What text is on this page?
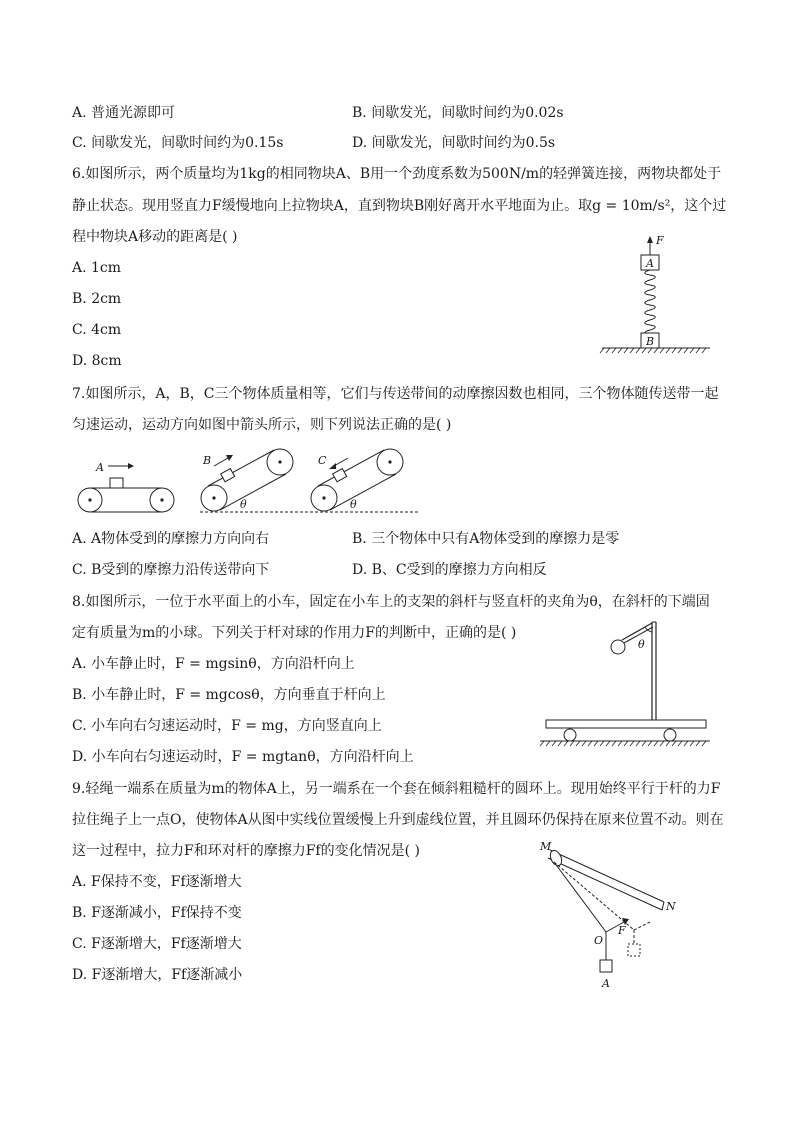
A. 普通光源即可	B. 间歇发光，间歇时间约为0.02s
C. 间歇发光，间歇时间约为0.15s	D. 间歇发光，间歇时间约为0.5s
6.如图所示，两个质量均为1kg的相同物块A、B用一个劲度系数为500N/m的轻弹簧连接，两物块都处于
静止状态。现用竖直力F缓慢地向上拉物块A，直到物块B刚好离开水平地面为止。取g = 10m/s²，这个过
程中物块A移动的距离是( )
A. 1cm
B. 2cm
C. 4cm
D. 8cm
F
A
B
7.如图所示，A，B，C三个物体质量相等，它们与传送带间的动摩擦因数也相同，三个物体随传送带一起
匀速运动，运动方向如图中箭头所示，则下列说法正确的是( )
A
B
θ
C
θ
A. A物体受到的摩擦力方向向右	B. 三个物体中只有A物体受到的摩擦力是零
C. B受到的摩擦力沿传送带向下	D. B、C受到的摩擦力方向相反
8.如图所示，一位于水平面上的小车，固定在小车上的支架的斜杆与竖直杆的夹角为θ，在斜杆的下端固
定有质量为m的小球。下列关于杆对球的作用力F的判断中，正确的是( )
A. 小车静止时，F = mgsinθ，方向沿杆向上
B. 小车静止时，F = mgcosθ，方向垂直于杆向上
C. 小车向右匀速运动时，F = mg，方向竖直向上
D. 小车向右匀速运动时，F = mgtanθ，方向沿杆向上
θ
9.轻绳一端系在质量为m的物体A上，另一端系在一个套在倾斜粗糙杆的圆环上。现用始终平行于杆的力F
拉住绳子上一点O，使物体A从图中实线位置缓慢上升到虚线位置，并且圆环仍保持在原来位置不动。则在
这一过程中，拉力F和环对杆的摩擦力Ff的变化情况是( )
A. F保持不变，Ff逐渐增大
B. F逐渐减小，Ff保持不变
C. F逐渐增大，Ff逐渐增大
D. F逐渐增大，Ff逐渐减小
M
N
F
O
A
